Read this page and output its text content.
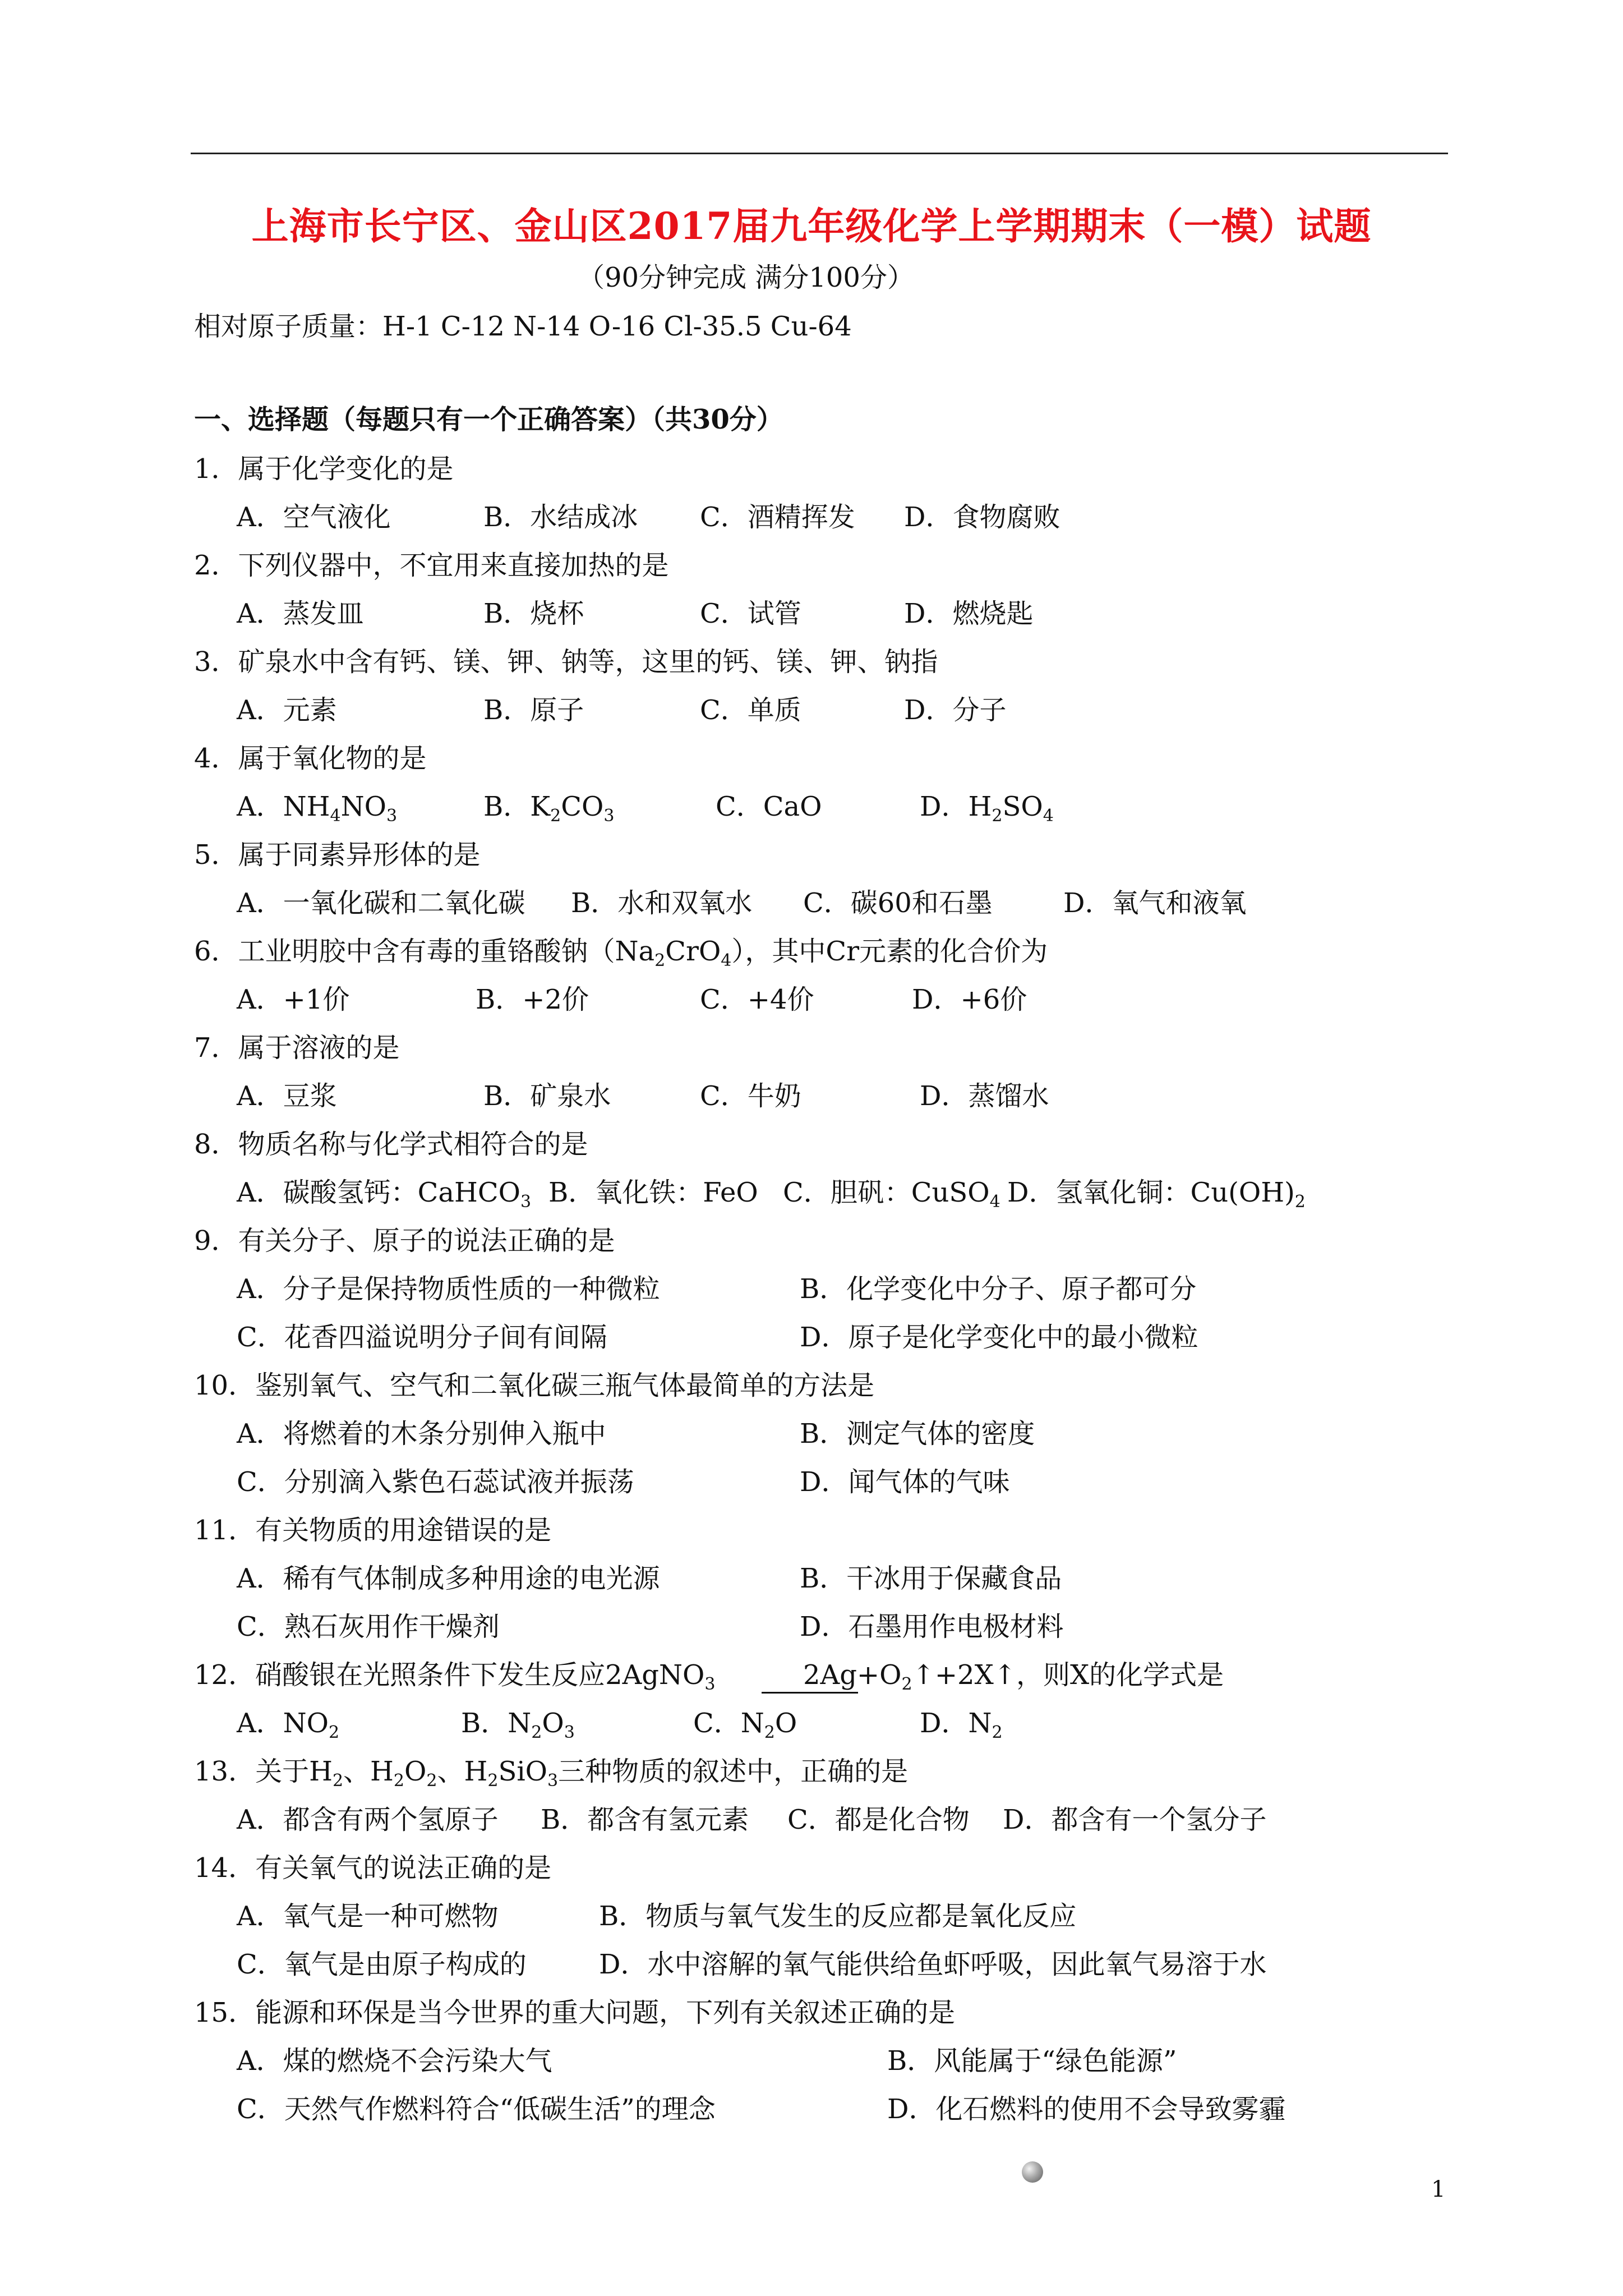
上海市长宁区、金山区2017届九年级化学上学期期末（一模）试题
（90分钟完成 满分100分）
相对原子质量：H-1 C-12 N-14 O-16 Cl-35.5 Cu-64
一、选择题（每题只有一个正确答案）（共30分）
1．属于化学变化的是
A．空气液化	B．水结成冰 C．酒精挥发 D．食物腐败
2．下列仪器中，不宜用来直接加热的是
A．蒸发皿	B．烧杯	C．试管	D．燃烧匙
3．矿泉水中含有钙、镁、钾、钠等，这里的钙、镁、钾、钠指
A．元素	B．原子	C．单质	D．分子
4．属于氧化物的是
A．$NH_4NO_3$	B．$K_2CO_3$	C．CaO	D．$H_2SO_4$
5．属于同素异形体的是
A．一氧化碳和二氧化碳 B．水和双氧水 C．碳60和石墨	D．氧气和液氧
6．工业明胶中含有毒的重铬酸钠$(Na_2CrO_4)$，其中Cr元素的化合价为
A．+1价	B．+2价	C．+4价	D．+6价
7．属于溶液的是
A．豆浆	B．矿泉水	C．牛奶	D．蒸馏水
8．物质名称与化学式相符合的是
A．碳酸氢钙：CaHCO$_3$ B．氧化铁：FeO C．胆矾：CuSO$_4$ D．氢氧化铜：$Cu(OH)_2$
9．有关分子、原子的说法正确的是
A．分子是保持物质性质的一种微粒	B．化学变化中分子、原子都可分
C．花香四溢说明分子间有间隔	D．原子是化学变化中的最小微粒
10．鉴别氧气、空气和二氧化碳三瓶气体最简单的方法是
A．将燃着的木条分别伸入瓶中	B．测定气体的密度
C．分别滴入紫色石蕊试液并振荡	D．闻气体的气味
11．有关物质的用途错误的是
A．稀有气体制成多种用途的电光源	B．干冰用于保藏食品
C．熟石灰用作干燥剂	D．石墨用作电极材料
12．硝酸银在光照条件下发生反应2AgNO$_3$	$2Ag+O_2↑+2X↑$，则X的化学式是
A．$NO_2$	B．$N_2O_3$	C．$N_2O$	D．$N_2$
13．关于$H_2$、$H_2O_2$、$H_2SiO_3$三种物质的叙述中，正确的是
A．都含有两个氢原子 B．都含有氢元素 C．都是化合物 D．都含有一个氢分子
14．有关氧气的说法正确的是
A．氧气是一种可燃物	B．物质与氧气发生的反应都是氧化反应
C．氧气是由原子构成的	D．水中溶解的氧气能供给鱼虾呼吸，因此氧气易溶于水
15．能源和环保是当今世界的重大问题，下列有关叙述正确的是
A．煤的燃烧不会污染大气	B．风能属于“绿色能源”
C．天然气作燃料符合“低碳生活”的理念	D．化石燃料的使用不会导致雾霾
1
